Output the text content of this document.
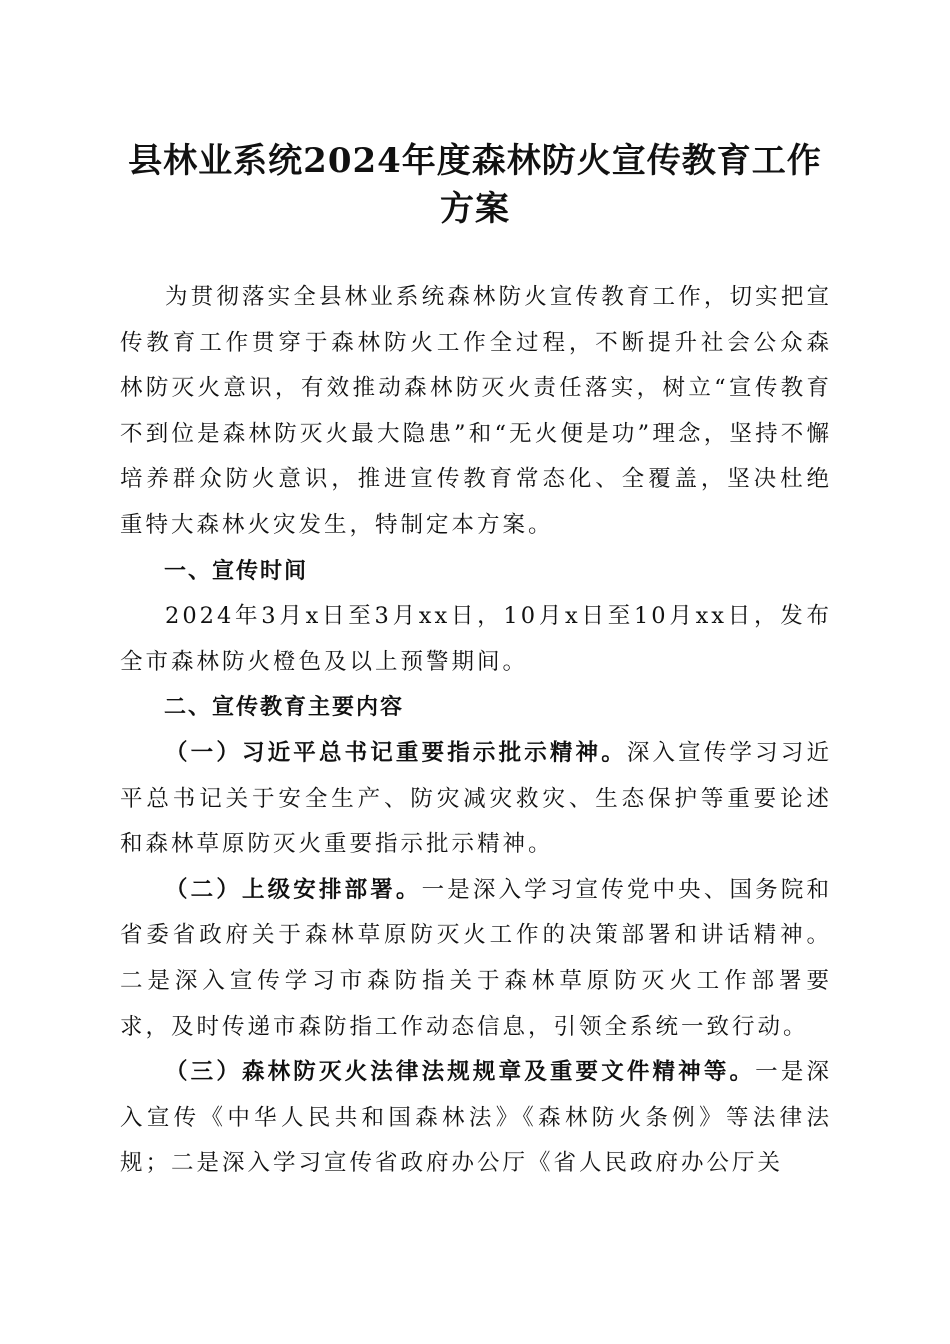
县林业系统2024年度森林防火宣传教育工作
方案

为贯彻落实全县林业系统森林防火宣传教育工作，切实把宣传教育工作贯穿于森林防火工作全过程，不断提升社会公众森林防灭火意识，有效推动森林防灭火责任落实，树立“宣传教育不到位是森林防灭火最大隐患”和“无火便是功”理念，坚持不懈培养群众防火意识，推进宣传教育常态化、全覆盖，坚决杜绝重特大森林火灾发生，特制定本方案。

一、宣传时间

2024年3月x日至3月xx日，10月x日至10月xx日，发布全市森林防火橙色及以上预警期间。

二、宣传教育主要内容

（一）习近平总书记重要指示批示精神。深入宣传学习习近平总书记关于安全生产、防灾减灾救灾、生态保护等重要论述和森林草原防灭火重要指示批示精神。

（二）上级安排部署。一是深入学习宣传党中央、国务院和省委省政府关于森林草原防灭火工作的决策部署和讲话精神。二是深入宣传学习市森防指关于森林草原防灭火工作部署要求，及时传递市森防指工作动态信息，引领全系统一致行动。

（三）森林防灭火法律法规规章及重要文件精神等。一是深入宣传《中华人民共和国森林法》《森林防火条例》等法律法规；二是深入学习宣传省政府办公厅《省人民政府办公厅关
